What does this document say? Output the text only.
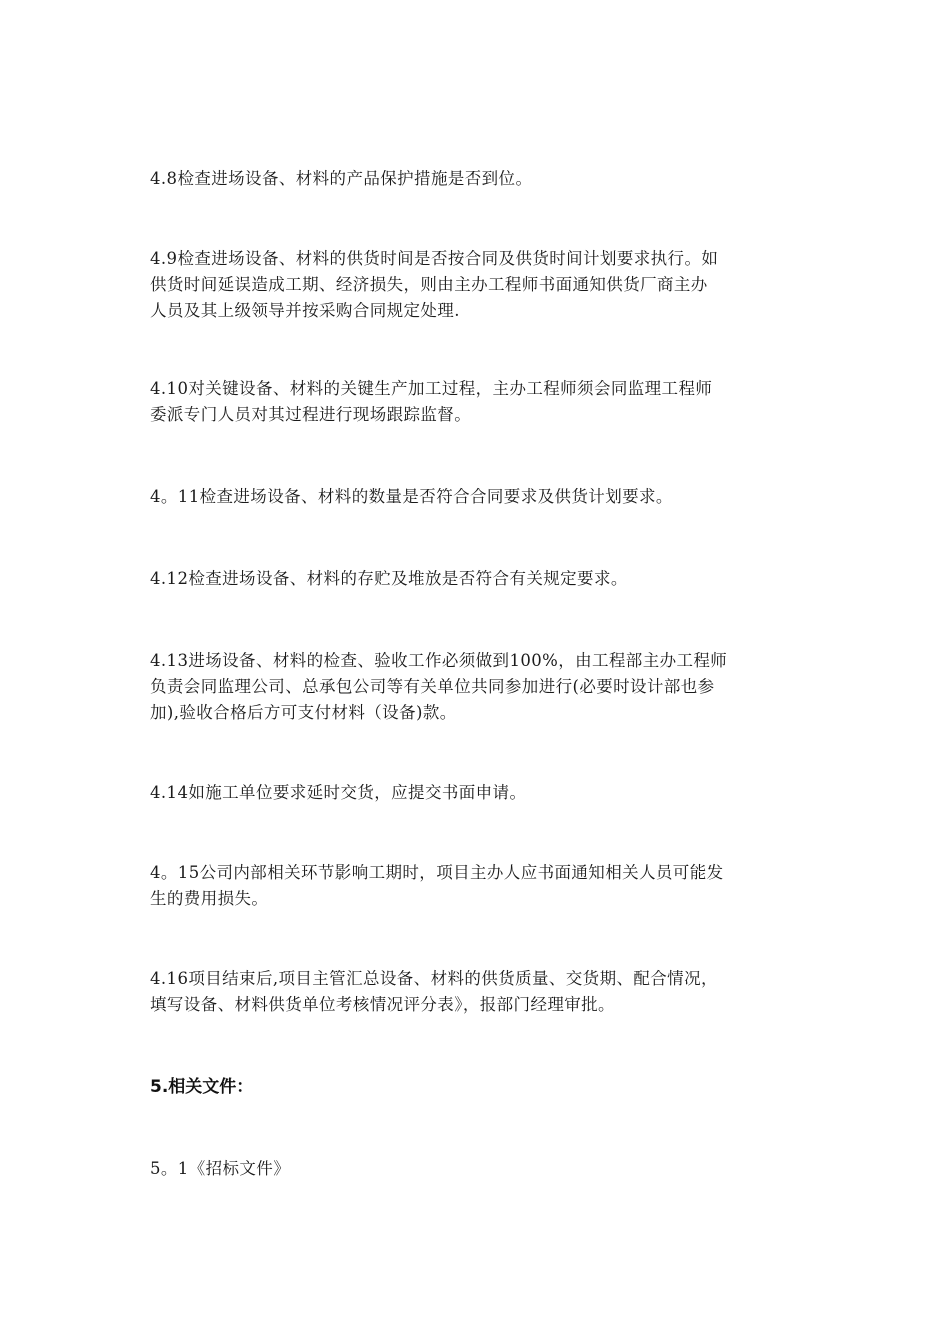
4.8检查进场设备、材料的产品保护措施是否到位。

4.9检查进场设备、材料的供货时间是否按合同及供货时间计划要求执行。如
供货时间延误造成工期、经济损失，则由主办工程师书面通知供货厂商主办
人员及其上级领导并按采购合同规定处理.

4.10对关键设备、材料的关键生产加工过程，主办工程师须会同监理工程师
委派专门人员对其过程进行现场跟踪监督。

4。11检查进场设备、材料的数量是否符合合同要求及供货计划要求。

4.12检查进场设备、材料的存贮及堆放是否符合有关规定要求。

4.13进场设备、材料的检查、验收工作必须做到100%，由工程部主办工程师
负责会同监理公司、总承包公司等有关单位共同参加进行(必要时设计部也参
加),验收合格后方可支付材料（设备)款。

4.14如施工单位要求延时交货，应提交书面申请。

4。15公司内部相关环节影响工期时，项目主办人应书面通知相关人员可能发
生的费用损失。

4.16项目结束后,项目主管汇总设备、材料的供货质量、交货期、配合情况，
填写设备、材料供货单位考核情况评分表》，报部门经理审批。

5.相关文件：

5。1《招标文件》
